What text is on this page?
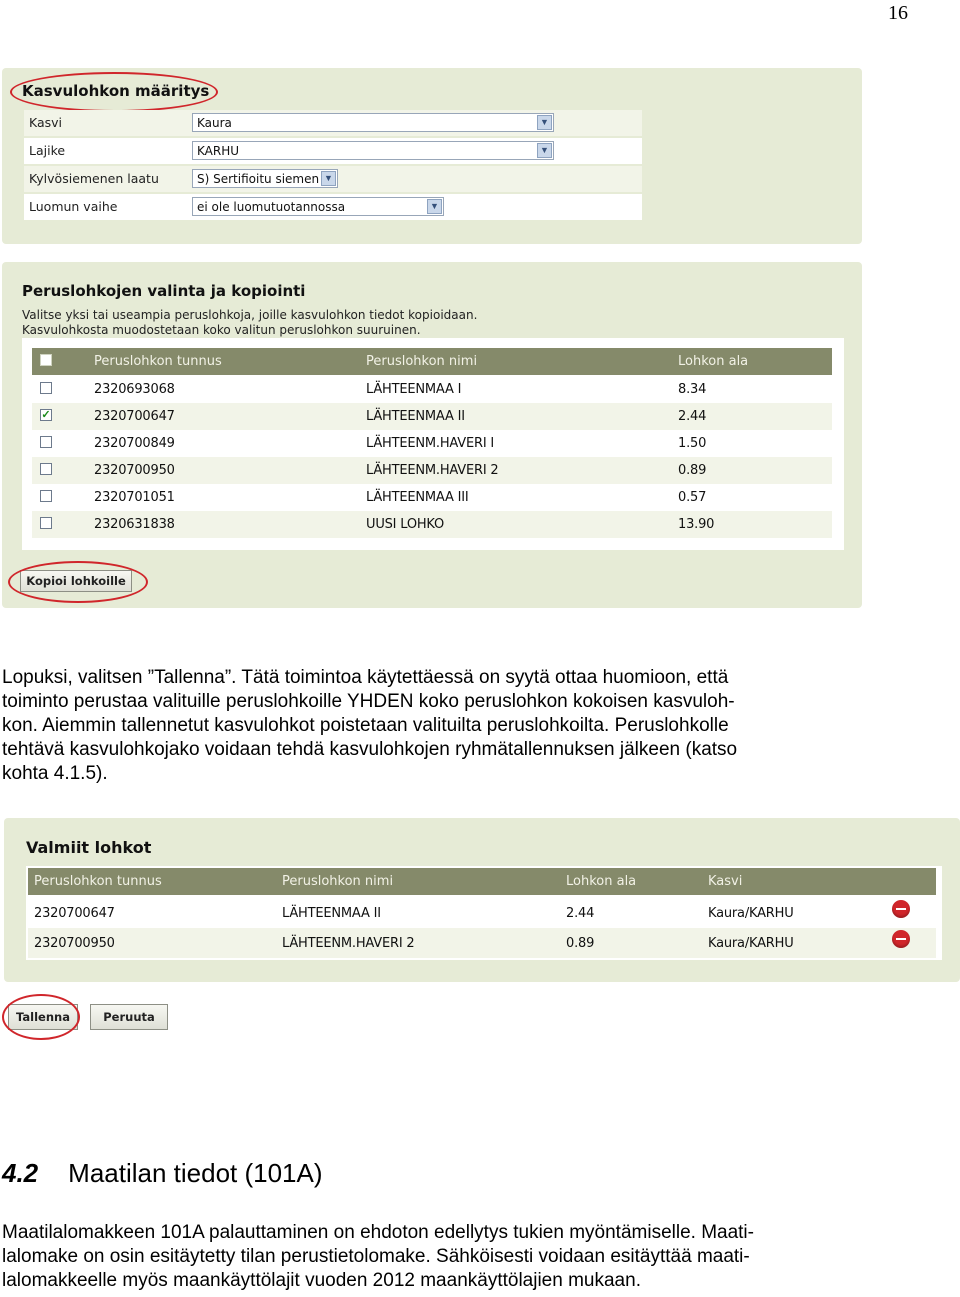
16
Kasvulohkon määritys
Kasvi	Kaura	▼
Lajike	KARHU	▼
Kylvösiemenen laatu	S) Sertifioitu siemen ▼
Luomun vaihe	ei ole luomutuotannossa	▼
Peruslohkojen valinta ja kopiointi
Valitse yksi tai useampia peruslohkoja, joille kasvulohkon tiedot kopioidaan.
Kasvulohkosta muodostetaan koko valitun peruslohkon suuruinen.
Peruslohkon tunnus	Peruslohkon nimi	Lohkon ala
2320693068	LÄHTEENMAA I	8.34
✓	2320700647	LÄHTEENMAA II	2.44
2320700849	LÄHTEENM.HAVERI I	1.50
2320700950	LÄHTEENM.HAVERI 2	0.89
2320701051	LÄHTEENMAA III	0.57
2320631838	UUSI LOHKO	13.90
Kopioi lohkoille
Lopuksi, valitsen ”Tallenna”. Tätä toimintoa käytettäessä on syytä ottaa huomioon, että
toiminto perustaa valituille peruslohkoille YHDEN koko peruslohkon kokoisen kasvuloh-
kon. Aiemmin tallennetut kasvulohkot poistetaan valituilta peruslohkoilta. Peruslohkolle
tehtävä kasvulohkojako voidaan tehdä kasvulohkojen ryhmätallennuksen jälkeen (katso
kohta 4.1.5).
Valmiit lohkot
Peruslohkon tunnus	Peruslohkon nimi	Lohkon ala	Kasvi
2320700647	LÄHTEENMAA II	2.44	Kaura/KARHU
2320700950	LÄHTEENM.HAVERI 2	0.89	Kaura/KARHU
Tallenna	Peruuta
4.2 Maatilan tiedot (101A)
Maatilalomakkeen 101A palauttaminen on ehdoton edellytys tukien myöntämiselle. Maati-
lalomake on osin esitäytetty tilan perustietolomake. Sähköisesti voidaan esitäyttää maati-
lalomakkeelle myös maankäyttölajit vuoden 2012 maankäyttölajien mukaan.
